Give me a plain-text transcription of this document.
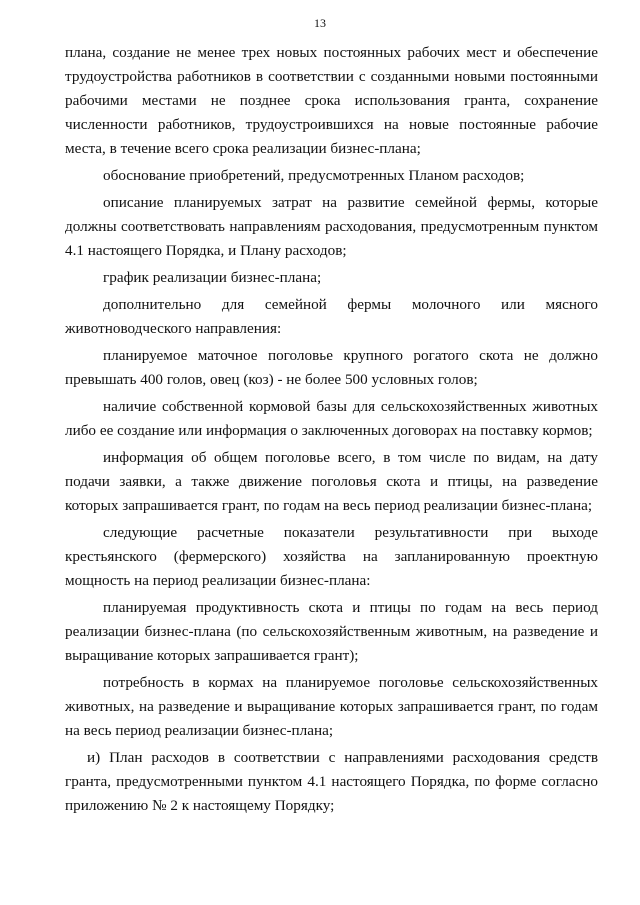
13

плана, создание не менее трех новых постоянных рабочих мест и обеспечение трудоустройства работников в соответствии с созданными новыми постоянными рабочими местами не позднее срока использования гранта, сохранение численности работников, трудоустроившихся на новые постоянные рабочие места, в течение всего срока реализации бизнес-плана;

обоснование приобретений, предусмотренных Планом расходов;

описание планируемых затрат на развитие семейной фермы, которые должны соответствовать направлениям расходования, предусмотренным пунктом 4.1 настоящего Порядка, и Плану расходов;

график реализации бизнес-плана;

дополнительно для семейной фермы молочного или мясного животноводческого направления:

планируемое маточное поголовье крупного рогатого скота не должно превышать 400 голов, овец (коз) - не более 500 условных голов;

наличие собственной кормовой базы для сельскохозяйственных животных либо ее создание или информация о заключенных договорах на поставку кормов;

информация об общем поголовье всего, в том числе по видам, на дату подачи заявки, а также движение поголовья скота и птицы, на разведение которых запрашивается грант, по годам на весь период реализации бизнес-плана;

следующие расчетные показатели результативности при выходе крестьянского (фермерского) хозяйства на запланированную проектную мощность на период реализации бизнес-плана:

планируемая продуктивность скота и птицы по годам на весь период реализации бизнес-плана (по сельскохозяйственным животным, на разведение и выращивание которых запрашивается грант);

потребность в кормах на планируемое поголовье сельскохозяйственных животных, на разведение и выращивание которых запрашивается грант, по годам на весь период реализации бизнес-плана;

и) План расходов в соответствии с направлениями расходования средств гранта, предусмотренными пунктом 4.1 настоящего Порядка, по форме согласно приложению № 2 к настоящему Порядку;
